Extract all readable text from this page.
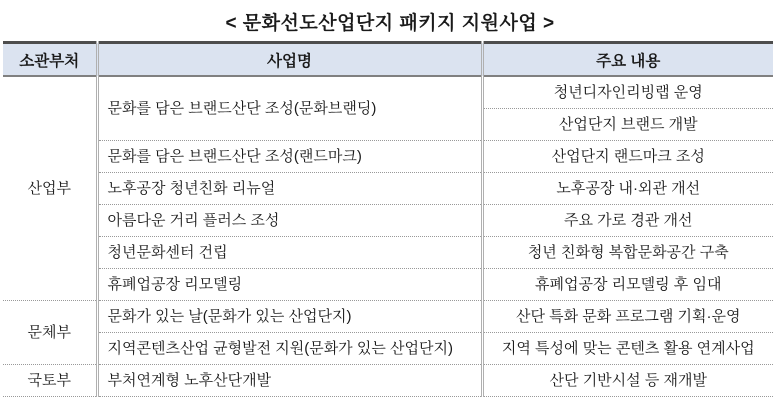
< 문화선도산업단지 패키지 지원사업 >
소관부처	사업명	주요 내용
산업부	문화를 담은 브랜드산단 조성(문화브랜딩)	청년디자인리빙랩 운영
		산업단지 브랜드 개발
	문화를 담은 브랜드산단 조성(랜드마크)	산업단지 랜드마크 조성
	노후공장 청년친화 리뉴얼	노후공장 내·외관 개선
	아름다운 거리 플러스 조성	주요 가로 경관 개선
	청년문화센터 건립	청년 친화형 복합문화공간 구축
	휴폐업공장 리모델링	휴폐업공장 리모델링 후 임대
문체부	문화가 있는 날(문화가 있는 산업단지)	산단 특화 문화 프로그램 기획·운영
	지역콘텐츠산업 균형발전 지원(문화가 있는 산업단지)	지역 특성에 맞는 콘텐츠 활용 연계사업
국토부	부처연계형 노후산단개발	산단 기반시설 등 재개발
